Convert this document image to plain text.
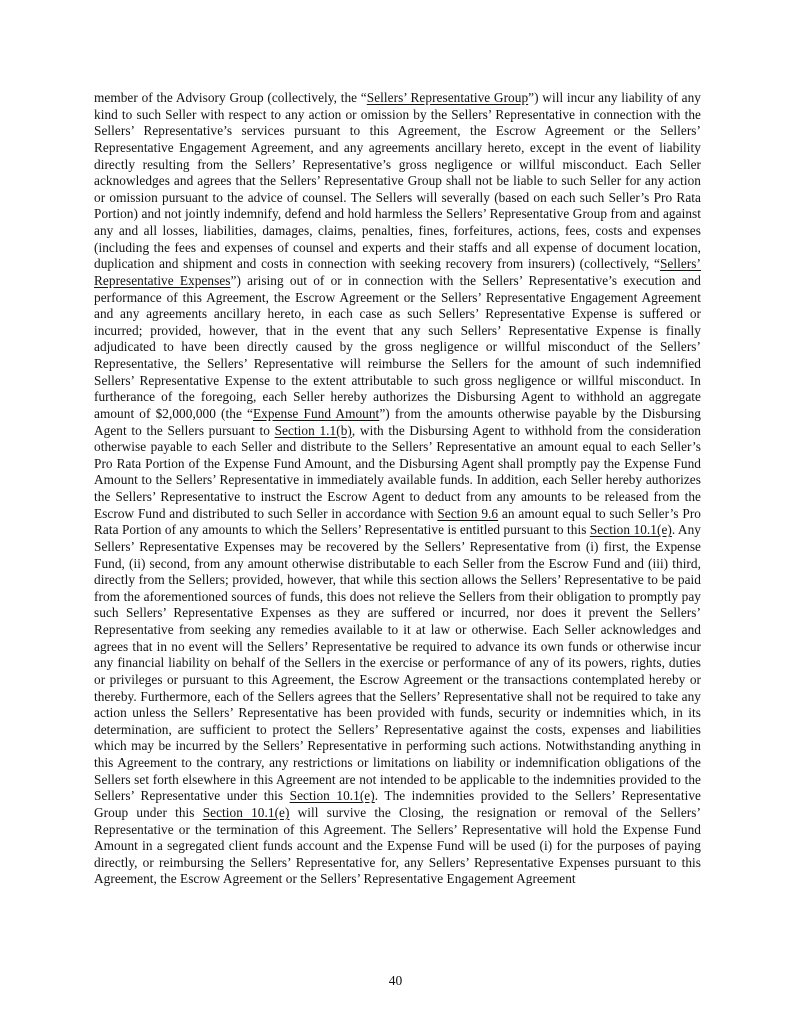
member of the Advisory Group (collectively, the “Sellers’ Representative Group”) will incur any liability of any kind to such Seller with respect to any action or omission by the Sellers’ Representative in connection with the Sellers’ Representative’s services pursuant to this Agreement, the Escrow Agreement or the Sellers’ Representative Engagement Agreement, and any agreements ancillary hereto, except in the event of liability directly resulting from the Sellers’ Representative’s gross negligence or willful misconduct. Each Seller acknowledges and agrees that the Sellers’ Representative Group shall not be liable to such Seller for any action or omission pursuant to the advice of counsel. The Sellers will severally (based on each such Seller’s Pro Rata Portion) and not jointly indemnify, defend and hold harmless the Sellers’ Representative Group from and against any and all losses, liabilities, damages, claims, penalties, fines, forfeitures, actions, fees, costs and expenses (including the fees and expenses of counsel and experts and their staffs and all expense of document location, duplication and shipment and costs in connection with seeking recovery from insurers) (collectively, “Sellers’ Representative Expenses”) arising out of or in connection with the Sellers’ Representative’s execution and performance of this Agreement, the Escrow Agreement or the Sellers’ Representative Engagement Agreement and any agreements ancillary hereto, in each case as such Sellers’ Representative Expense is suffered or incurred; provided, however, that in the event that any such Sellers’ Representative Expense is finally adjudicated to have been directly caused by the gross negligence or willful misconduct of the Sellers’ Representative, the Sellers’ Representative will reimburse the Sellers for the amount of such indemnified Sellers’ Representative Expense to the extent attributable to such gross negligence or willful misconduct. In furtherance of the foregoing, each Seller hereby authorizes the Disbursing Agent to withhold an aggregate amount of $2,000,000 (the “Expense Fund Amount”) from the amounts otherwise payable by the Disbursing Agent to the Sellers pursuant to Section 1.1(b), with the Disbursing Agent to withhold from the consideration otherwise payable to each Seller and distribute to the Sellers’ Representative an amount equal to each Seller’s Pro Rata Portion of the Expense Fund Amount, and the Disbursing Agent shall promptly pay the Expense Fund Amount to the Sellers’ Representative in immediately available funds. In addition, each Seller hereby authorizes the Sellers’ Representative to instruct the Escrow Agent to deduct from any amounts to be released from the Escrow Fund and distributed to such Seller in accordance with Section 9.6 an amount equal to such Seller’s Pro Rata Portion of any amounts to which the Sellers’ Representative is entitled pursuant to this Section 10.1(e). Any Sellers’ Representative Expenses may be recovered by the Sellers’ Representative from (i) first, the Expense Fund, (ii) second, from any amount otherwise distributable to each Seller from the Escrow Fund and (iii) third, directly from the Sellers; provided, however, that while this section allows the Sellers’ Representative to be paid from the aforementioned sources of funds, this does not relieve the Sellers from their obligation to promptly pay such Sellers’ Representative Expenses as they are suffered or incurred, nor does it prevent the Sellers’ Representative from seeking any remedies available to it at law or otherwise. Each Seller acknowledges and agrees that in no event will the Sellers’ Representative be required to advance its own funds or otherwise incur any financial liability on behalf of the Sellers in the exercise or performance of any of its powers, rights, duties or privileges or pursuant to this Agreement, the Escrow Agreement or the transactions contemplated hereby or thereby. Furthermore, each of the Sellers agrees that the Sellers’ Representative shall not be required to take any action unless the Sellers’ Representative has been provided with funds, security or indemnities which, in its determination, are sufficient to protect the Sellers’ Representative against the costs, expenses and liabilities which may be incurred by the Sellers’ Representative in performing such actions. Notwithstanding anything in this Agreement to the contrary, any restrictions or limitations on liability or indemnification obligations of the Sellers set forth elsewhere in this Agreement are not intended to be applicable to the indemnities provided to the Sellers’ Representative under this Section 10.1(e). The indemnities provided to the Sellers’ Representative Group under this Section 10.1(e) will survive the Closing, the resignation or removal of the Sellers’ Representative or the termination of this Agreement. The Sellers’ Representative will hold the Expense Fund Amount in a segregated client funds account and the Expense Fund will be used (i) for the purposes of paying directly, or reimbursing the Sellers’ Representative for, any Sellers’ Representative Expenses pursuant to this Agreement, the Escrow Agreement or the Sellers’ Representative Engagement Agreement

40
